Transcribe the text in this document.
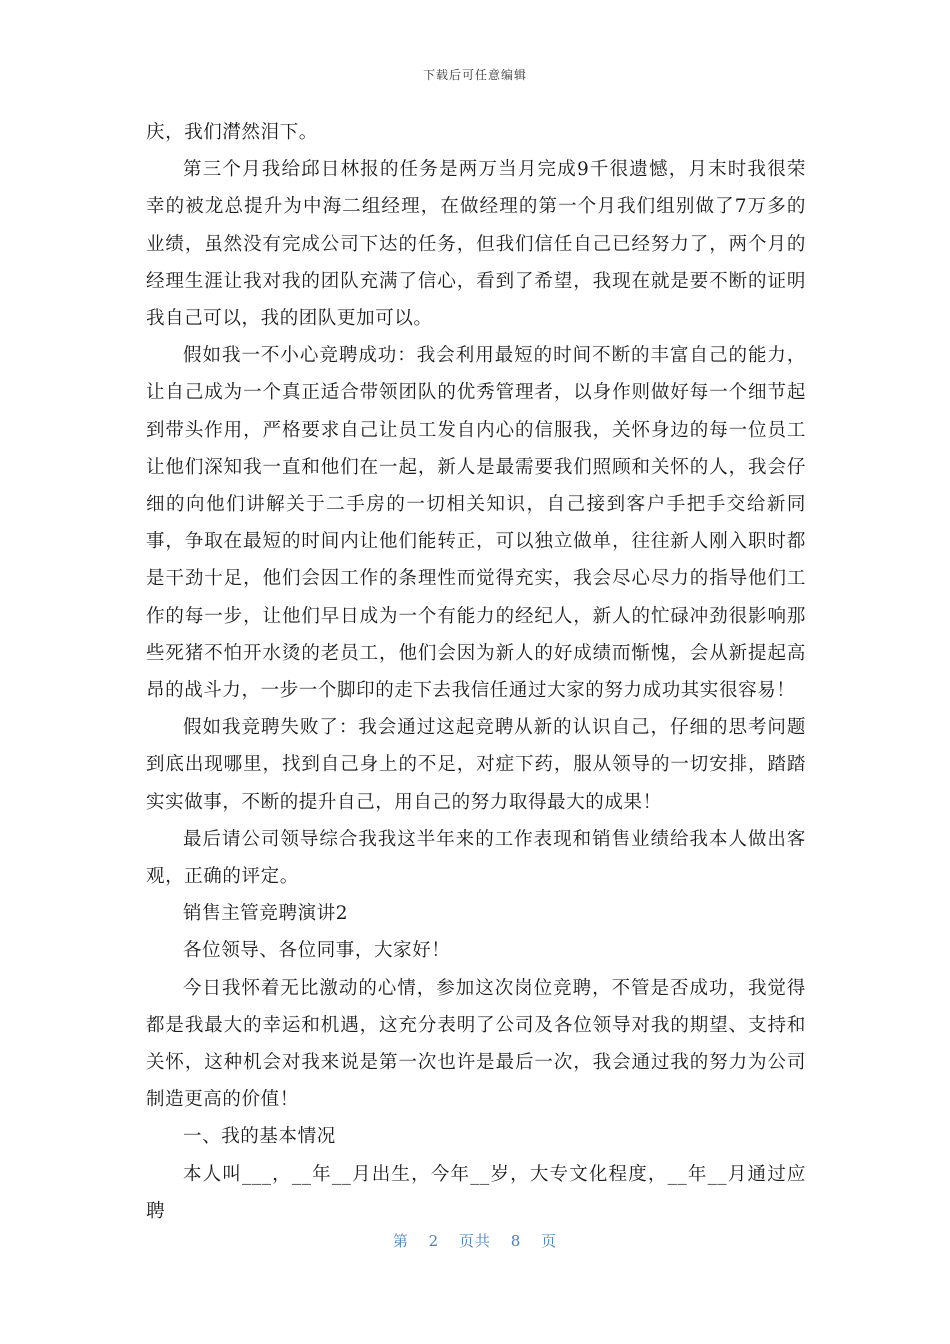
下载后可任意编辑

庆，我们潸然泪下。

第三个月我给邱日林报的任务是两万当月完成9千很遗憾，月末时我很荣幸的被龙总提升为中海二组经理，在做经理的第一个月我们组别做了7万多的业绩，虽然没有完成公司下达的任务，但我们信任自己已经努力了，两个月的经理生涯让我对我的团队充满了信心，看到了希望，我现在就是要不断的证明我自己可以，我的团队更加可以。

假如我一不小心竞聘成功：我会利用最短的时间不断的丰富自己的能力，让自己成为一个真正适合带领团队的优秀管理者，以身作则做好每一个细节起到带头作用，严格要求自己让员工发自内心的信服我，关怀身边的每一位员工让他们深知我一直和他们在一起，新人是最需要我们照顾和关怀的人，我会仔细的向他们讲解关于二手房的一切相关知识，自己接到客户手把手交给新同事，争取在最短的时间内让他们能转正，可以独立做单，往往新人刚入职时都是干劲十足，他们会因工作的条理性而觉得充实，我会尽心尽力的指导他们工作的每一步，让他们早日成为一个有能力的经纪人，新人的忙碌冲劲很影响那些死猪不怕开水烫的老员工，他们会因为新人的好成绩而惭愧，会从新提起高昂的战斗力，一步一个脚印的走下去我信任通过大家的努力成功其实很容易！

假如我竞聘失败了：我会通过这起竞聘从新的认识自己，仔细的思考问题到底出现哪里，找到自己身上的不足，对症下药，服从领导的一切安排，踏踏实实做事，不断的提升自己，用自己的努力取得最大的成果！

最后请公司领导综合我我这半年来的工作表现和销售业绩给我本人做出客观，正确的评定。

销售主管竞聘演讲2

各位领导、各位同事，大家好！

今日我怀着无比激动的心情，参加这次岗位竞聘，不管是否成功，我觉得都是我最大的幸运和机遇，这充分表明了公司及各位领导对我的期望、支持和关怀，这种机会对我来说是第一次也许是最后一次，我会通过我的努力为公司制造更高的价值！

一、我的基本情况

本人叫___，__年__月出生，今年__岁，大专文化程度，__年__月通过应聘

第 2 页共 8 页
